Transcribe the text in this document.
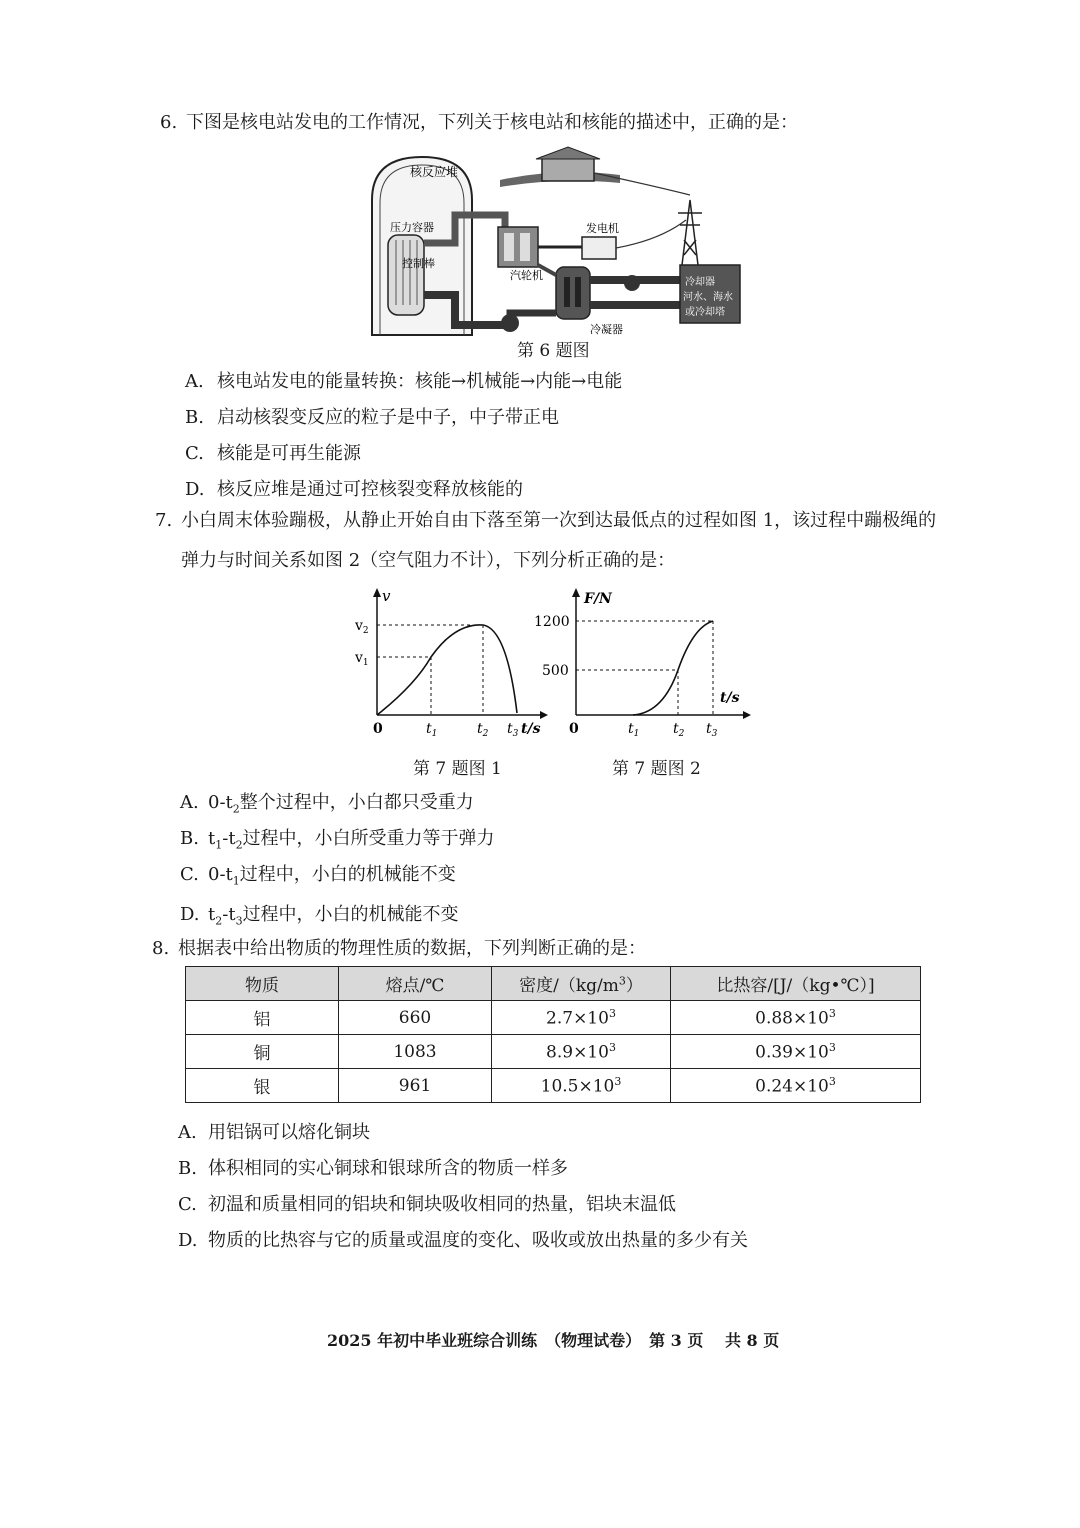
6. 下图是核电站发电的工作情况，下列关于核电站和核能的描述中，正确的是：
核反应堆
压力容器
控制棒
汽轮机
发电机
冷凝器
冷却器
河水、海水
或冷却塔
第 6 题图
A. 核电站发电的能量转换：核能→机械能→内能→电能
B. 启动核裂变反应的粒子是中子，中子带正电
C. 核能是可再生能源
D. 核反应堆是通过可控核裂变释放核能的
7. 小白周末体验蹦极，从静止开始自由下落至第一次到达最低点的过程如图 1，该过程中蹦极绳的
弹力与时间关系如图 2（空气阻力不计），下列分析正确的是：
v
$v_2$
$v_1$
0	$t_1$	$t_2$ $t_3$ t/s
第 7 题图 1
F/N
1200
500
t/s
0	$t_1$ $t_2$ $t_3$
第 7 题图 2
A. $0-t_2$整个过程中，小白都只受重力
B. $t_1-t_2$过程中，小白所受重力等于弹力
C. $0-t_1$过程中，小白的机械能不变
D. $t_2-t_3$过程中，小白的机械能不变
8. 根据表中给出物质的物理性质的数据，下列判断正确的是：
物质	熔点/℃	密度$/(kg/m^3)$	比热容/[J/（kg•℃）]
铝	660	$2.7\times 10^3$	$0.88\times 10^3$
铜	1083	$8.9\times 10^3$	$0.39\times 10^3$
银	961	$10.5\times 10^3$	$0.24\times 10^3$
A. 用铝锅可以熔化铜块
B. 体积相同的实心铜球和银球所含的物质一样多
C. 初温和质量相同的铝块和铜块吸收相同的热量，铝块末温低
D. 物质的比热容与它的质量或温度的变化、吸收或放出热量的多少有关
2025 年初中毕业班综合训练　（物理试卷）　第 3 页　 共 8 页
